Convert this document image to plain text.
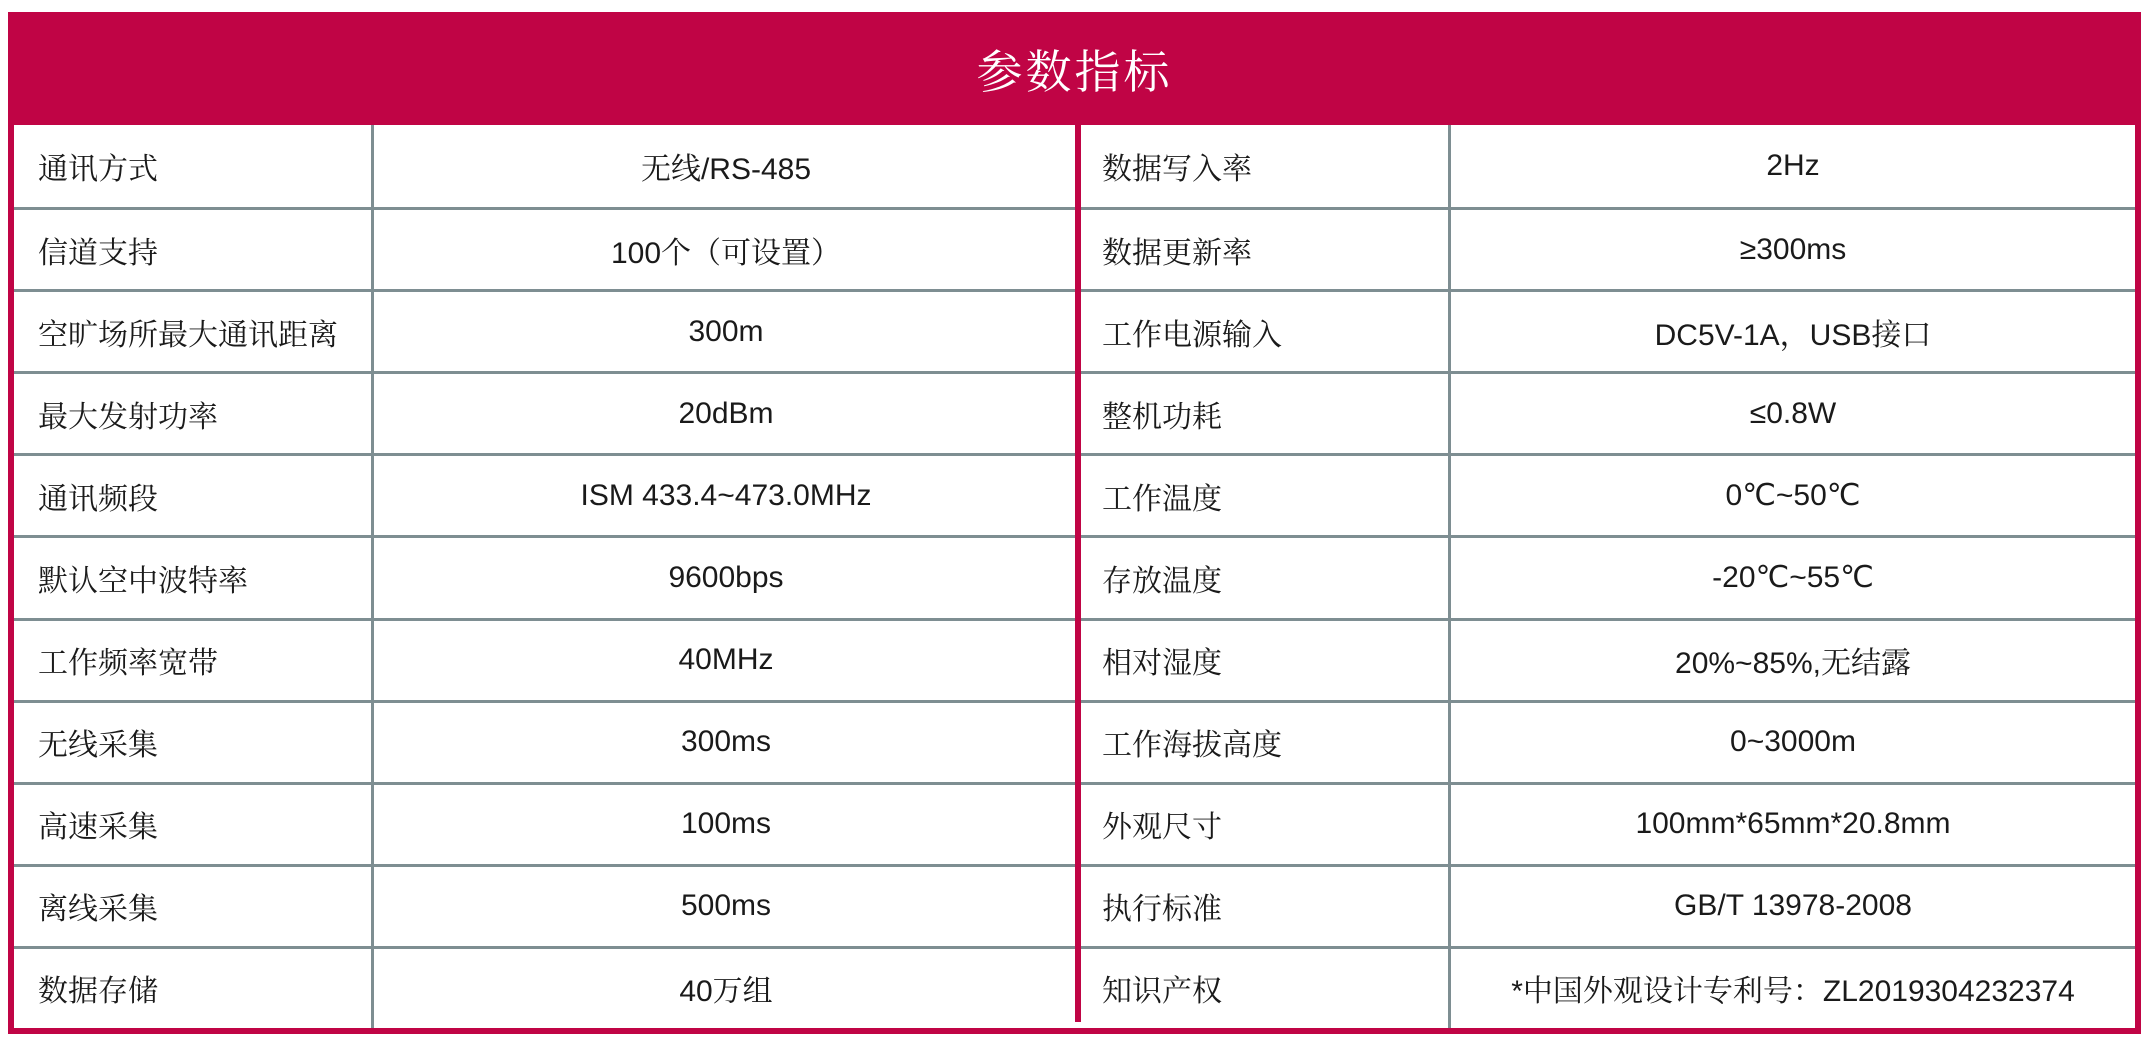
参数指标
通讯方式	无线/RS-485	数据写入率	2Hz
信道支持	100个（可设置）	数据更新率	≥300ms
空旷场所最大通讯距离	300m	工作电源输入	DC5V-1A，USB接口
最大发射功率	20dBm	整机功耗	≤0.8W
通讯频段	ISM 433.4~473.0MHz	工作温度	0℃~50℃
默认空中波特率	9600bps	存放温度	-20℃~55℃
工作频率宽带	40MHz	相对湿度	20%~85%,无结露
无线采集	300ms	工作海拔高度	0~3000m
高速采集	100ms	外观尺寸	100mm*65mm*20.8mm
离线采集	500ms	执行标准	GB/T 13978-2008
数据存储	40万组	知识产权	*中国外观设计专利号：ZL2019304232374
